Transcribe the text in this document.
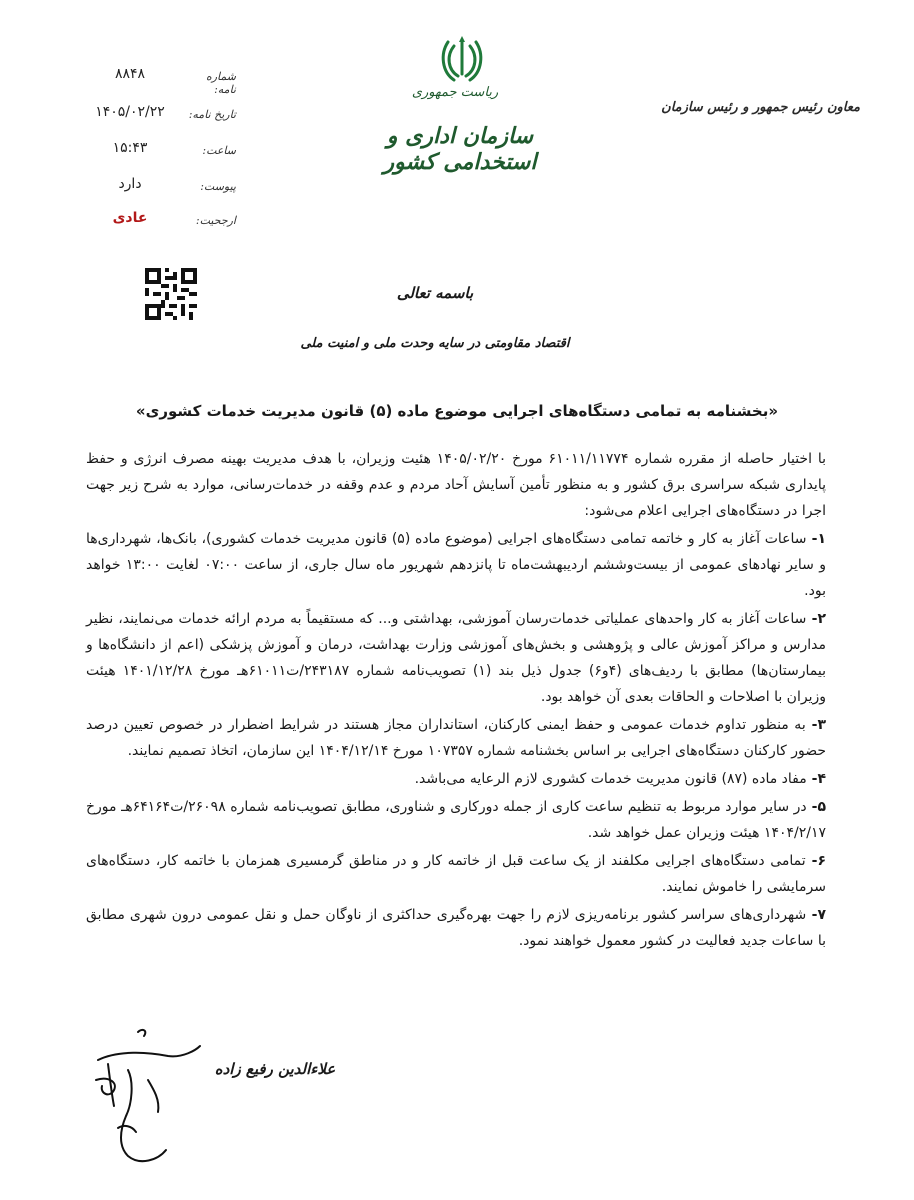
۸۸۴۸	شماره نامه:
۱۴۰۵/۰۲/۲۲	تاریخ نامه:
۱۵:۴۳	ساعت:
دارد	پیوست:
عادی	ارجحیت:
ریاست جمهوری
سازمان اداری و استخدامی کشور
معاون رئیس جمهور و رئیس سازمان
باسمه تعالی
اقتصاد مقاومتی در سایه وحدت ملی و امنیت ملی
«بخشنامه به تمامی دستگاه‌های اجرایی موضوع ماده (۵) قانون مدیریت خدمات کشوری»

با اختیار حاصله از مقرره شماره ۶۱۰۱۱/۱۱۷۷۴ مورخ ۱۴۰۵/۰۲/۲۰ هئیت وزیران، با هدف مدیریت بهینه مصرف انرژی و حفظ پایداری شبکه سراسری برق کشور و به منظور تأمین آسایش آحاد مردم و عدم وقفه در خدمات‌رسانی، موارد به شرح زیر جهت اجرا در دستگاه‌های اجرایی اعلام می‌شود:

۱- ساعات آغاز به کار و خاتمه تمامی دستگاه‌های اجرایی (موضوع ماده (۵) قانون مدیریت خدمات کشوری)، بانک‌ها، شهرداری‌ها و سایر نهادهای عمومی از بیست‌وششم اردیبهشت‌ماه تا پانزدهم شهریور ماه سال جاری، از ساعت ۰۷:۰۰ لغایت ۱۳:۰۰ خواهد بود.

۲- ساعات آغاز به کار واحدهای عملیاتی خدمات‌رسان آموزشی، بهداشتی و... که مستقیماً به مردم ارائه خدمات می‌نمایند، نظیر مدارس و مراکز آموزش عالی و پژوهشی و بخش‌های آموزشی وزارت بهداشت، درمان و آموزش پزشکی (اعم از دانشگاه‌ها و بیمارستان‌ها) مطابق با ردیف‌های (۴و۶) جدول ذیل بند (۱) تصویب‌نامه شماره ۲۴۳۱۸۷/ت۶۱۰۱۱هـ مورخ ۱۴۰۱/۱۲/۲۸ هیئت وزیران با اصلاحات و الحاقات بعدی آن خواهد بود.

۳- به منظور تداوم خدمات عمومی و حفظ ایمنی کارکنان، استانداران مجاز هستند در شرایط اضطرار در خصوص تعیین درصد حضور کارکنان دستگاه‌های اجرایی بر اساس بخشنامه شماره ۱۰۷۳۵۷ مورخ ۱۴۰۴/۱۲/۱۴ این سازمان، اتخاذ تصمیم نمایند.

۴- مفاد ماده (۸۷) قانون مدیریت خدمات کشوری لازم الرعایه می‌باشد.

۵- در سایر موارد مربوط به تنظیم ساعت کاری از جمله دورکاری و شناوری، مطابق تصویب‌نامه شماره ۲۶۰۹۸/ت۶۴۱۶۴هـ مورخ ۱۴۰۴/۲/۱۷ هیئت وزیران عمل خواهد شد.

۶- تمامی دستگاه‌های اجرایی مکلفند از یک ساعت قبل از خاتمه کار و در مناطق گرمسیری همزمان با خاتمه کار، دستگاه‌های سرمایشی را خاموش نمایند.

۷- شهرداری‌های سراسر کشور برنامه‌ریزی لازم را جهت بهره‌گیری حداکثری از ناوگان حمل و نقل عمومی درون شهری مطابق با ساعات جدید فعالیت در کشور معمول خواهند نمود.

علاءالدین رفیع زاده
